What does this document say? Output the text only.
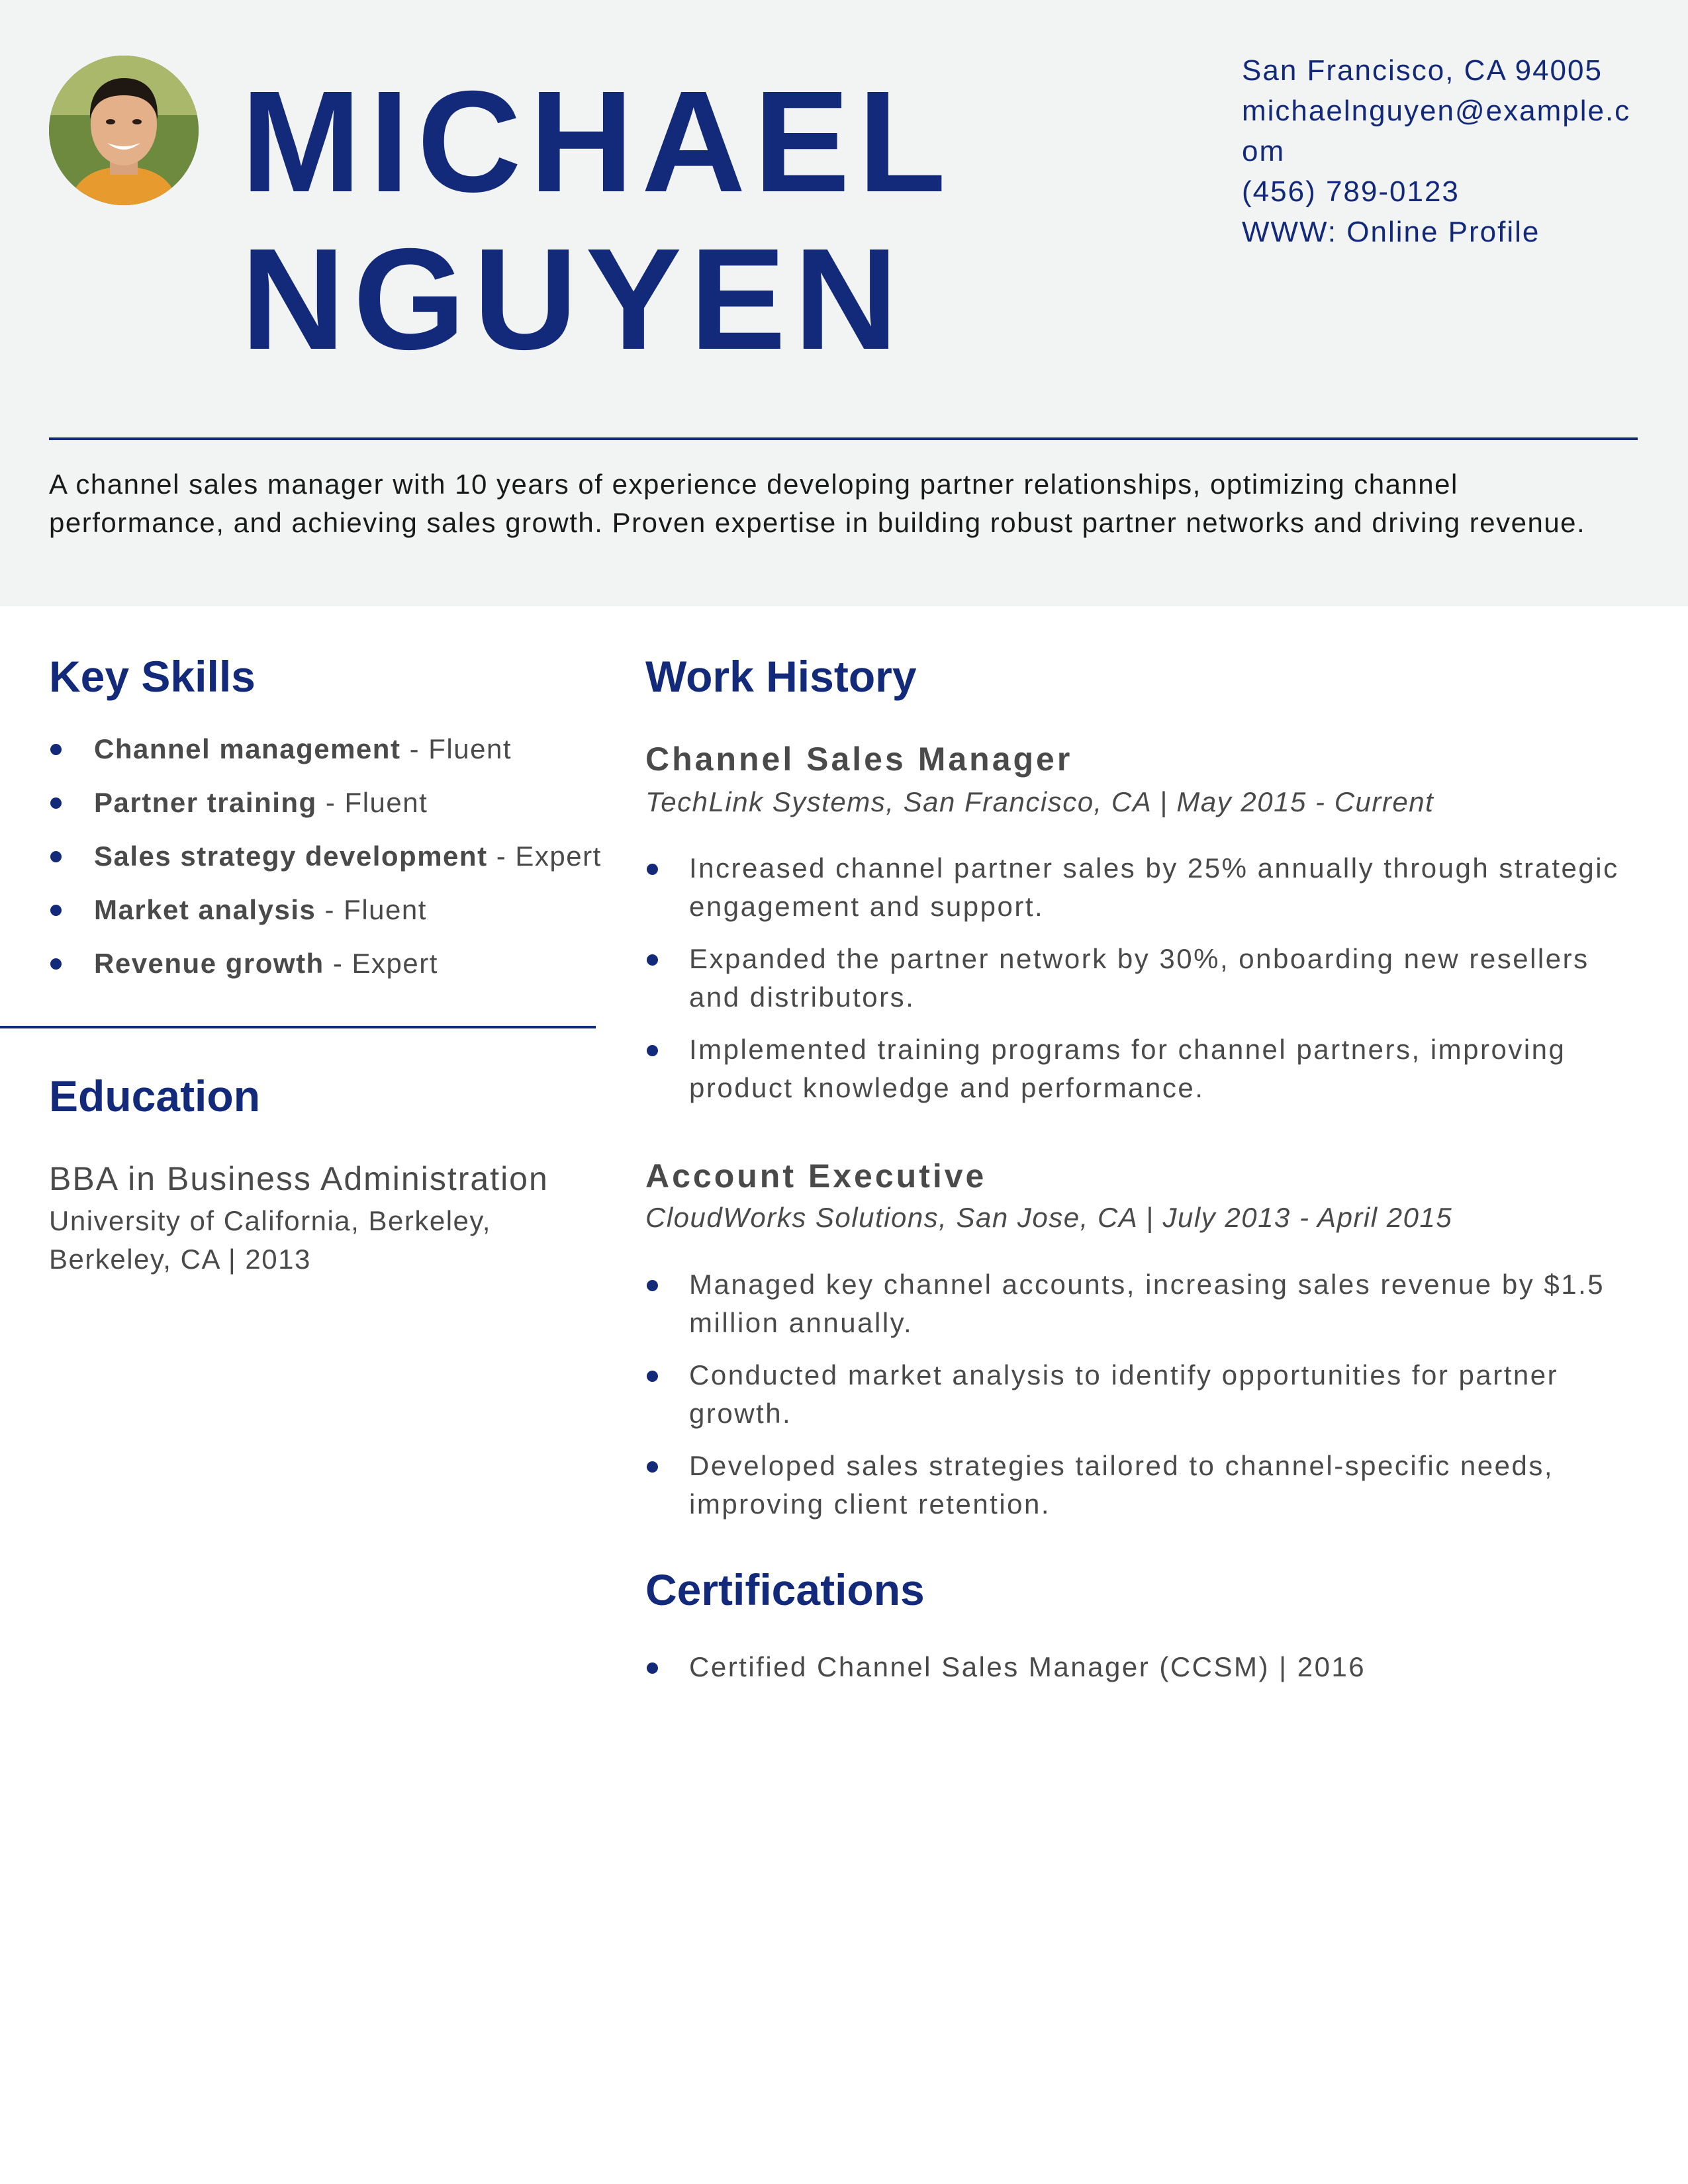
MICHAEL
NGUYEN
San Francisco, CA 94005
michaelnguyen@example.com
(456) 789-0123
WWW: Online Profile

A channel sales manager with 10 years of experience developing partner relationships, optimizing channel performance, and achieving sales growth. Proven expertise in building robust partner networks and driving revenue.

Key Skills
Channel management - Fluent
Partner training - Fluent
Sales strategy development - Expert
Market analysis - Fluent
Revenue growth - Expert
Education
BBA in Business Administration
University of California, Berkeley, Berkeley, CA | 2013
Work History
Channel Sales Manager
TechLink Systems, San Francisco, CA | May 2015 - Current
Increased channel partner sales by 25% annually through strategic engagement and support.
Expanded the partner network by 30%, onboarding new resellers and distributors.
Implemented training programs for channel partners, improving product knowledge and performance.
Account Executive
CloudWorks Solutions, San Jose, CA | July 2013 - April 2015
Managed key channel accounts, increasing sales revenue by $1.5 million annually.
Conducted market analysis to identify opportunities for partner growth.
Developed sales strategies tailored to channel-specific needs, improving client retention.
Certifications
Certified Channel Sales Manager (CCSM) | 2016
